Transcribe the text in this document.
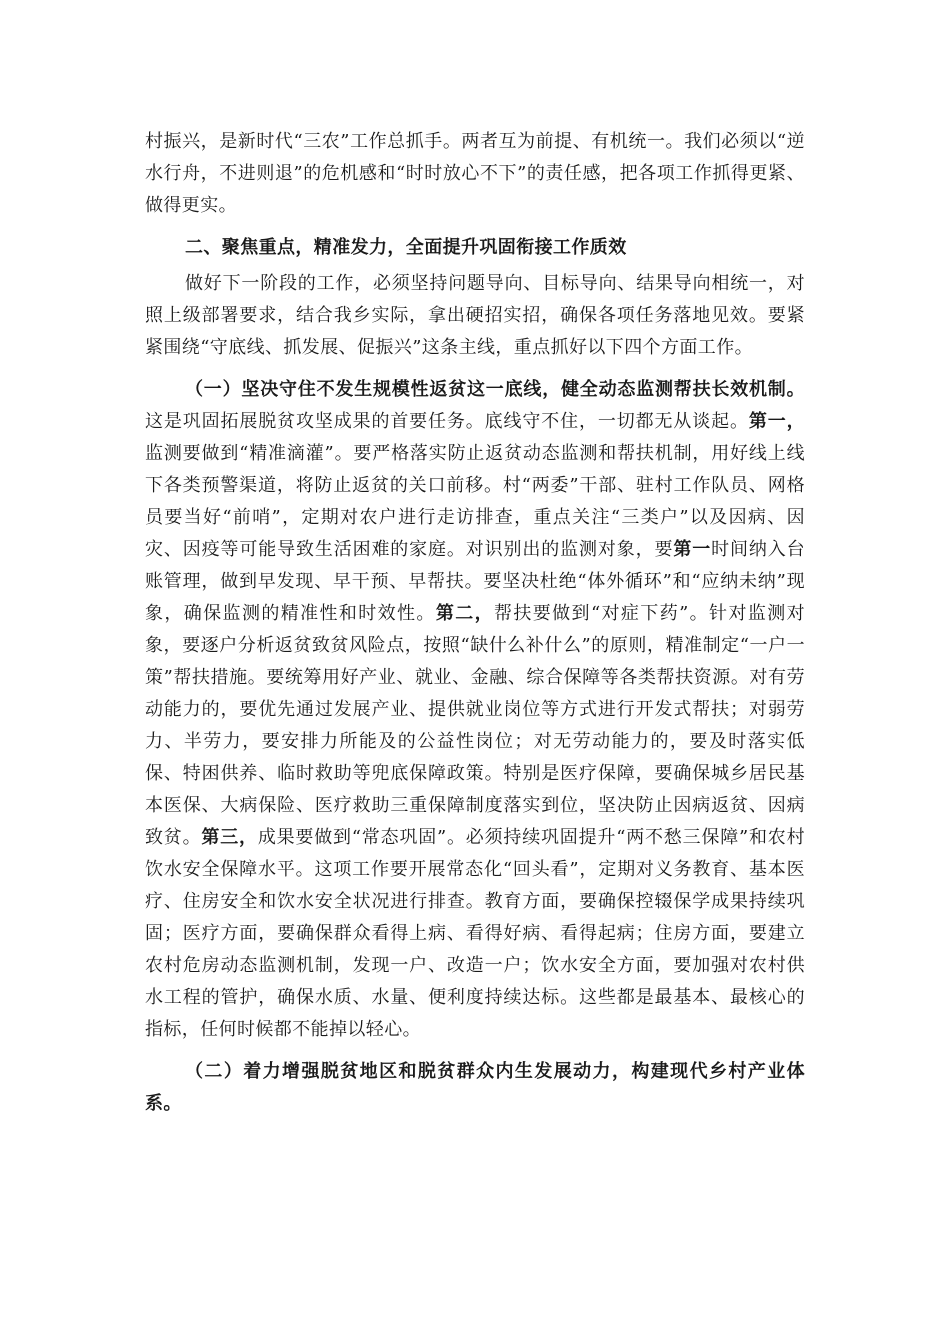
村振兴，是新时代“三农”工作总抓手。两者互为前提、有机统一。我们必须以“逆水行舟，不进则退”的危机感和“时时放心不下”的责任感，把各项工作抓得更紧、做得更实。

二、聚焦重点，精准发力，全面提升巩固衔接工作质效

做好下一阶段的工作，必须坚持问题导向、目标导向、结果导向相统一，对照上级部署要求，结合我乡实际，拿出硬招实招，确保各项任务落地见效。要紧紧围绕“守底线、抓发展、促振兴”这条主线，重点抓好以下四个方面工作。

（一）坚决守住不发生规模性返贫这一底线，健全动态监测帮扶长效机制。这是巩固拓展脱贫攻坚成果的首要任务。底线守不住，一切都无从谈起。第一，监测要做到“精准滴灌”。要严格落实防止返贫动态监测和帮扶机制，用好线上线下各类预警渠道，将防止返贫的关口前移。村“两委”干部、驻村工作队员、网格员要当好“前哨”，定期对农户进行走访排查，重点关注“三类户”以及因病、因灾、因疫等可能导致生活困难的家庭。对识别出的监测对象，要第一时间纳入台账管理，做到早发现、早干预、早帮扶。要坚决杜绝“体外循环”和“应纳未纳”现象，确保监测的精准性和时效性。第二，帮扶要做到“对症下药”。针对监测对象，要逐户分析返贫致贫风险点，按照“缺什么补什么”的原则，精准制定“一户一策”帮扶措施。要统筹用好产业、就业、金融、综合保障等各类帮扶资源。对有劳动能力的，要优先通过发展产业、提供就业岗位等方式进行开发式帮扶；对弱劳力、半劳力，要安排力所能及的公益性岗位；对无劳动能力的，要及时落实低保、特困供养、临时救助等兜底保障政策。特别是医疗保障，要确保城乡居民基本医保、大病保险、医疗救助三重保障制度落实到位，坚决防止因病返贫、因病致贫。第三，成果要做到“常态巩固”。必须持续巩固提升“两不愁三保障”和农村饮水安全保障水平。这项工作要开展常态化“回头看”，定期对义务教育、基本医疗、住房安全和饮水安全状况进行排查。教育方面，要确保控辍保学成果持续巩固；医疗方面，要确保群众看得上病、看得好病、看得起病；住房方面，要建立农村危房动态监测机制，发现一户、改造一户；饮水安全方面，要加强对农村供水工程的管护，确保水质、水量、便利度持续达标。这些都是最基本、最核心的指标，任何时候都不能掉以轻心。

（二）着力增强脱贫地区和脱贫群众内生发展动力，构建现代乡村产业体系。
